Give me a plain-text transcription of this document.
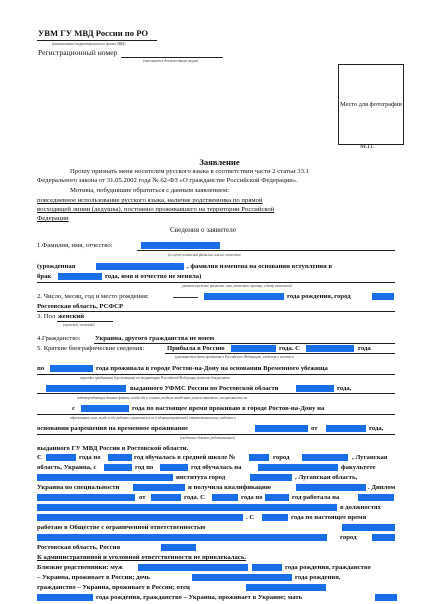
УВМ ГУ МВД России по РО
(наименование территориального органа МВД)
Регистрационный номер
(заполняется должностным лицом)
Место для фотографии
М.П.
Заявление
Прошу признать меня носителем русского языка в соответствии части 2 статьи 33.1
Федерального закона от 31.05.2002 года № 62-ФЗ «О гражданстве Российской Федерации».
Мотивы, побудившие обратиться с данным заявлением:
повседневное использование русского языка, наличие родственника по прямой
восходящей линии (дедушка), постоянно проживавшего на территории Российской
Федерации
Сведения о заявителе
1.Фамилия, имя, отчество:
(в случае изменения фамилии, имени, отчества
(урожденная	, фамилия изменена на основании вступления в
брак	года, имя и отчество не меняла)
указать прежние фамилию, имя, отчество, причину и дату изменения)
2. Число, месяц, год и место рождения:	года рождения, город
Ростовская область, РСФСР
3. Пол женский
(мужской, женский)
4.Гражданство: Украина, другого гражданства не имею
5. Краткие биографические сведения:	Прибыла в Россию	года. С	года
(указывается дата прибытия в Российскую Федерацию, сведения о местах и
по	года проживала в городе Ростов-на-Дону на основании Временного убежища
периодах прибывания (проживания) на территории Российской Федерации (наличие документов
выданного УФМС России по Ростовской области	года,
подтверждающих данные факты, когда где и в каких учебных заведениях учился заявитель, специальность по
с	года по настоящее время проживаю в городе Ростов-на-Дону на
образованию, кем, когда и где работал, привлекался ли к административной ответственности, сведения о
основании разрешения на временное проживание	от	года,
(сведения о близких родственниках)
выданного ГУ МВД России в Ростовской области.
С	года по	год обучалась в средней школе №	город	, Луганская
область, Украина, с	год по	год обучалась на	факультете
института город	, Луганская область,
Украина по специальности	и получила квалификацию	. Диплом
от	года. С	года по	год работала на
в должностях
. С	года по настоящее время
работаю в Обществе с ограниченной ответственностью
город
Ростовская область, Россия
К административной и уголовной ответственности не привлекалась.
Близкие родственники: муж	года рождения, гражданство
– Украина, проживает в России; дочь	года рождения,
гражданство – Украина, проживает в России; отец
года рождения, гражданство – Украина, проживает в Украине; мать
